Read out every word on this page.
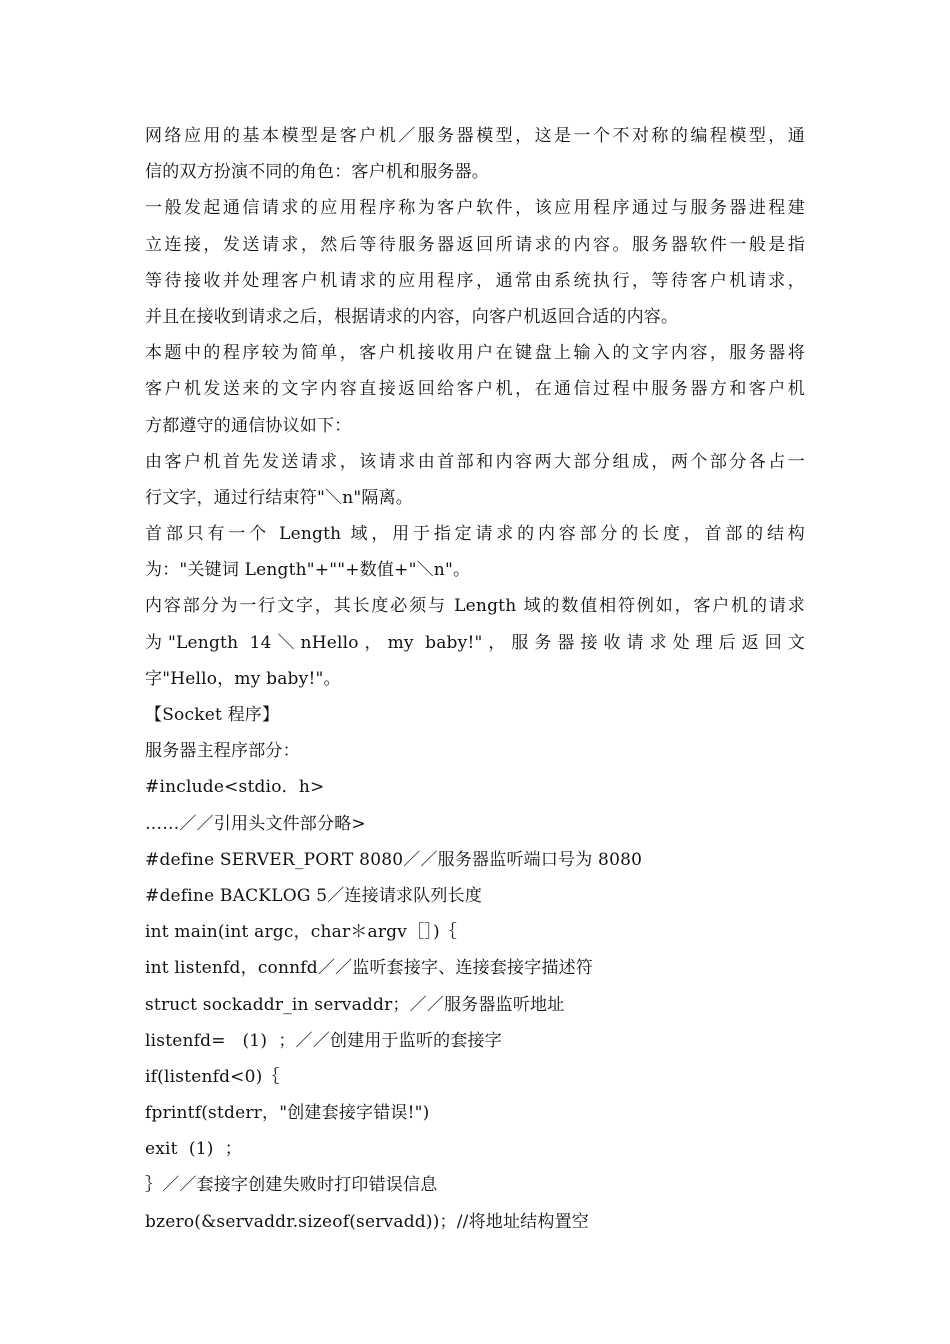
网络应用的基本模型是客户机／服务器模型，这是一个不对称的编程模型，通
信的双方扮演不同的角色：客户机和服务器。
一般发起通信请求的应用程序称为客户软件，该应用程序通过与服务器进程建
立连接，发送请求，然后等待服务器返回所请求的内容。服务器软件一般是指
等待接收并处理客户机请求的应用程序，通常由系统执行，等待客户机请求，
并且在接收到请求之后，根据请求的内容，向客户机返回合适的内容。
本题中的程序较为简单，客户机接收用户在键盘上输入的文字内容，服务器将
客户机发送来的文字内容直接返回给客户机，在通信过程中服务器方和客户机
方都遵守的通信协议如下：
由客户机首先发送请求，该请求由首部和内容两大部分组成，两个部分各占一
行文字，通过行结束符"＼n"隔离。
首部只有一个 Length 域，用于指定请求的内容部分的长度，首部的结构
为："关键词 Length"+""+数值+"＼n"。
内容部分为一行文字，其长度必须与 Length 域的数值相符例如，客户机的请求
为"Length 14＼nHello，my baby!"，服务器接收请求处理后返回文
字"Hello，my baby!"。
【Socket 程序】
服务器主程序部分：
#include<stdio．h>
……／／引用头文件部分略>
#define SERVER_PORT 8080／／服务器监听端口号为 8080
#define BACKLOG 5／连接请求队列长度
int main(int argc，char＊argv［］)｛
int listenfd，connfd／／监听套接字、连接套接字描述符
struct sockaddr_in servaddr；／／服务器监听地址
listenfd=   (1)  ；／／创建用于监听的套接字
if(listenfd<0)｛
fprintf(stderr，"创建套接字错误!")
exit  (1)  ；
｝／／套接字创建失败时打印错误信息
bzero(&servaddr.sizeof(servadd))；//将地址结构置空
